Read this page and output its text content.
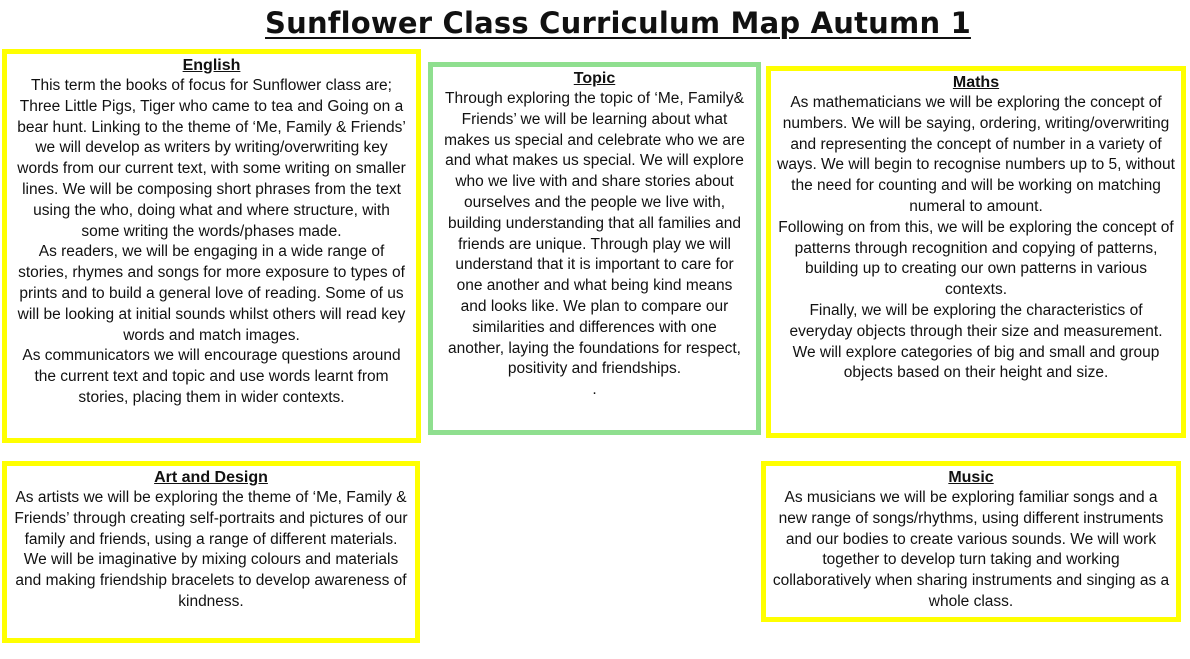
Sunflower Class Curriculum Map Autumn 1
English

This term the books of focus for Sunflower class are; Three Little Pigs, Tiger who came to tea and Going on a bear hunt. Linking to the theme of ‘Me, Family & Friends’ we will develop as writers by writing/overwriting key words from our current text, with some writing on smaller lines. We will be composing short phrases from the text using the who, doing what and where structure, with some writing the words/phases made.

As readers, we will be engaging in a wide range of stories, rhymes and songs for more exposure to types of prints and to build a general love of reading. Some of us will be looking at initial sounds whilst others will read key words and match images.

As communicators we will encourage questions around the current text and topic and use words learnt from stories, placing them in wider contexts.

Topic

Through exploring the topic of ‘Me, Family& Friends’ we will be learning about what makes us special and celebrate who we are and what makes us special. We will explore who we live with and share stories about ourselves and the people we live with, building understanding that all families and friends are unique. Through play we will understand that it is important to care for one another and what being kind means and looks like. We plan to compare our similarities and differences with one another, laying the foundations for respect, positivity and friendships.

.

Maths

As mathematicians we will be exploring the concept of numbers. We will be saying, ordering, writing/overwriting and representing the concept of number in a variety of ways. We will begin to recognise numbers up to 5, without the need for counting and will be working on matching numeral to amount.

Following on from this, we will be exploring the concept of patterns through recognition and copying of patterns, building up to creating our own patterns in various contexts.

Finally, we will be exploring the characteristics of everyday objects through their size and measurement. We will explore categories of big and small and group objects based on their height and size.

Art and Design

As artists we will be exploring the theme of ‘Me, Family & Friends’ through creating self-portraits and pictures of our family and friends, using a range of different materials. We will be imaginative by mixing colours and materials and making friendship bracelets to develop awareness of kindness.

Music

As musicians we will be exploring familiar songs and a new range of songs/rhythms, using different instruments and our bodies to create various sounds. We will work together to develop turn taking and working collaboratively when sharing instruments and singing as a whole class.
